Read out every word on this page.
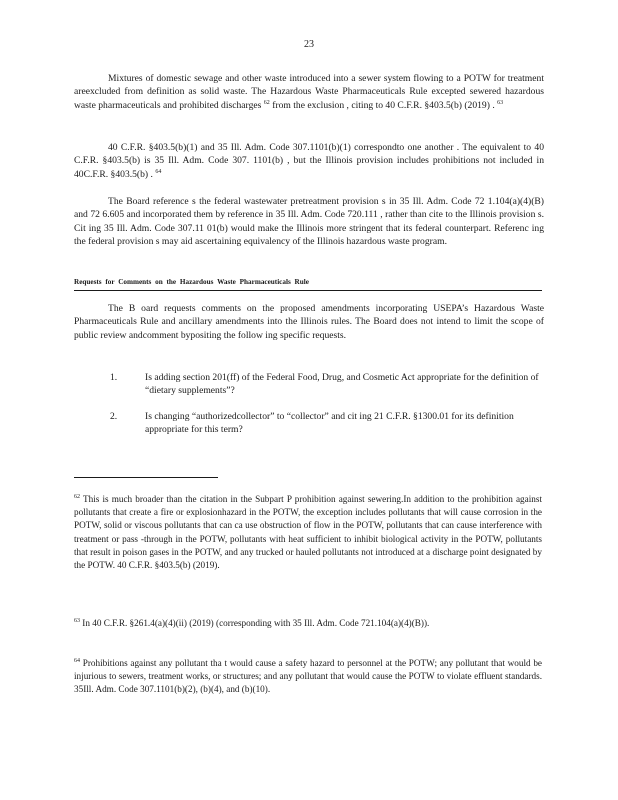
23
Mixtures of domestic sewage and other waste introduced into a sewer system flowing to a POTW for treatment areexcluded from definition as solid waste. The Hazardous Waste Pharmaceuticals Rule excepted sewered hazardous waste pharmaceuticals and prohibited discharges $^{62}$ from the exclusion , citing to 40 C.F.R. §403.5(b) (2019) . $^{63}$
40 C.F.R. §403.5(b)(1) and 35 Ill. Adm. Code 307.1101(b)(1) correspondto one another . The equivalent to 40 C.F.R. §403.5(b) is 35 Ill. Adm. Code 307. 1101(b) , but the Illinois provision includes prohibitions not included in 40C.F.R. §403.5(b) . $^{64}$
The Board reference s the federal wastewater pretreatment provision s in 35 Ill. Adm. Code 72 1.104(a)(4)(B) and 72 6.605 and incorporated them by reference in 35 Ill. Adm. Code 720.111 , rather than cite to the Illinois provision s. Cit ing 35 Ill. Adm. Code 307.11 01(b) would make the Illinois more stringent that its federal counterpart. Referenc ing the federal provision s may aid ascertaining equivalency of the Illinois hazardous waste program.
Requests for Comments on the Hazardous Waste Pharmaceuticals Rule
The B oard requests comments on the proposed amendments incorporating USEPA’s Hazardous Waste Pharmaceuticals Rule and ancillary amendments into the Illinois rules. The Board does not intend to limit the scope of public review andcomment bypositing the follow ing specific requests.
1.	Is adding section 201(ff) of the Federal Food, Drug, and Cosmetic Act appropriate for the definition of “dietary supplements”?
2.	Is changing “authorizedcollector” to “collector” and cit ing 21 C.F.R. §1300.01 for its definition appropriate for this term?
$^{62}$ This is much broader than the citation in the Subpart P prohibition against sewering.In addition to the prohibition against pollutants that create a fire or explosionhazard in the POTW, the exception includes pollutants that will cause corrosion in the POTW, solid or viscous pollutants that can ca use obstruction of flow in the POTW, pollutants that can cause interference with treatment or pass -through in the POTW, pollutants with heat sufficient to inhibit biological activity in the POTW, pollutants that result in poison gases in the POTW, and any trucked or hauled pollutants not introduced at a discharge point designated by the POTW. 40 C.F.R. §403.5(b) (2019).
$^{63}$ In 40 C.F.R. §261.4(a)(4)(ii) (2019) (corresponding with 35 Ill. Adm. Code 721.104(a)(4)(B)).
$^{64}$ Prohibitions against any pollutant tha t would cause a safety hazard to personnel at the POTW; any pollutant that would be injurious to sewers, treatment works, or structures; and any pollutant that would cause the POTW to violate effluent standards. 35Ill. Adm. Code 307.1101(b)(2), (b)(4), and (b)(10).
